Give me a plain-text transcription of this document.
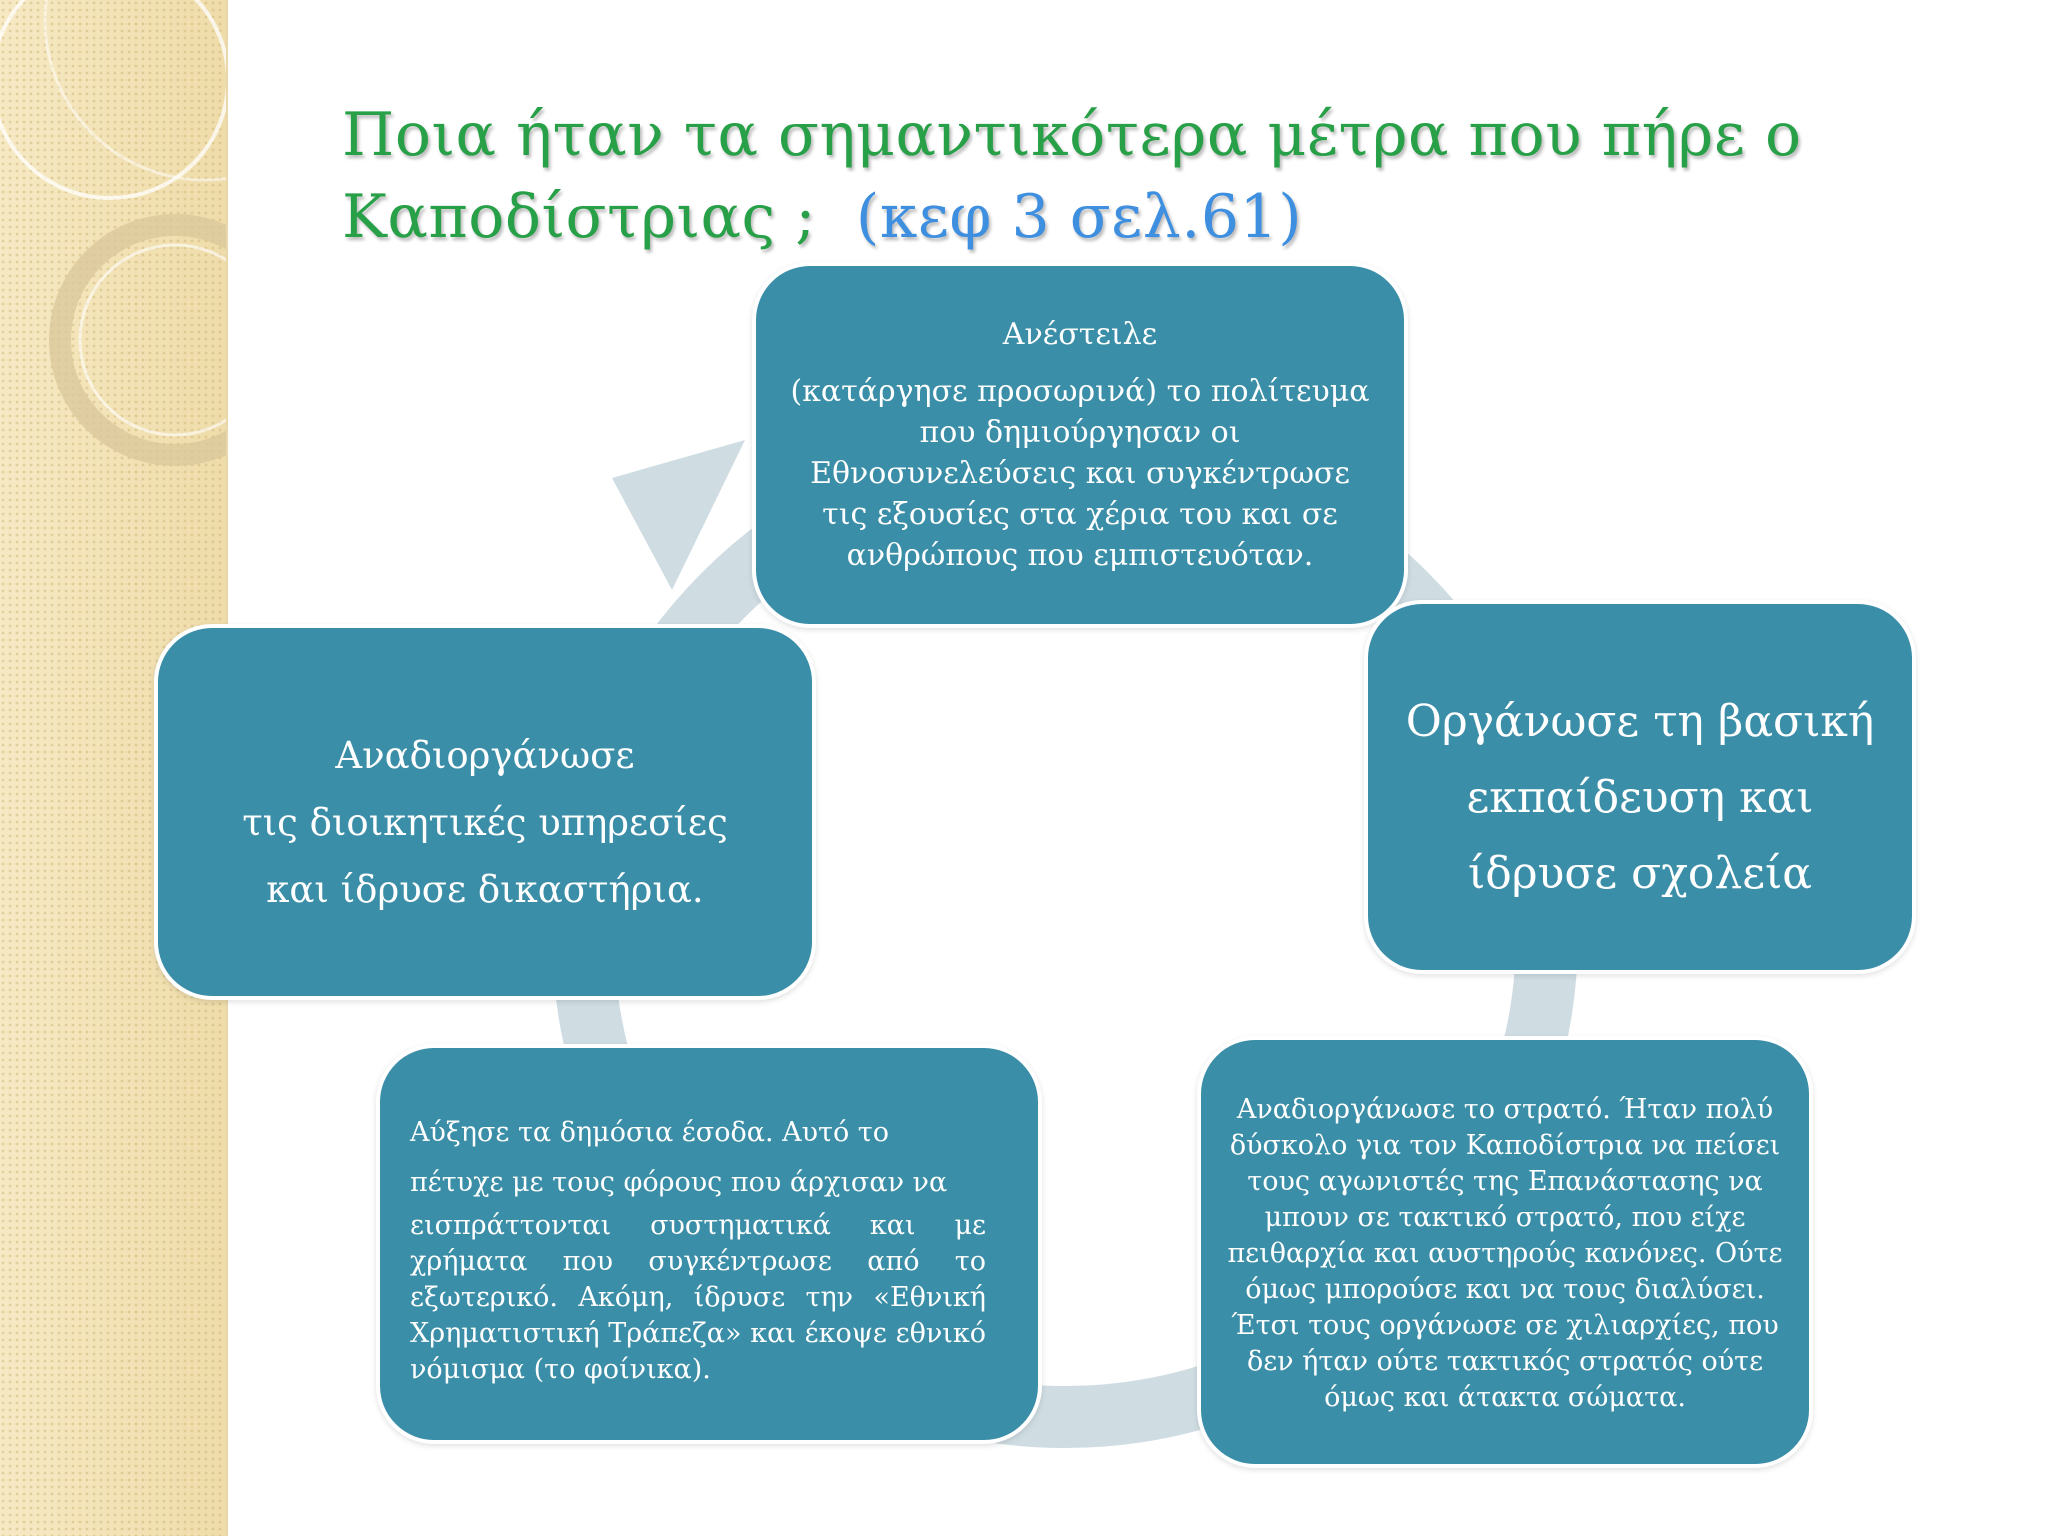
Ποια ήταν τα σημαντικότερα μέτρα που πήρε ο
Καποδίστριας ; (κεφ 3 σελ.61)

Ανέστειλε

(κατάργησε προσωρινά) το πολίτευμα που δημιούργησαν οι Εθνοσυνελεύσεις και συγκέντρωσε τις εξουσίες στα χέρια του και σε ανθρώπους που εμπιστευόταν.

Οργάνωσε τη βασική

εκπαίδευση και

ίδρυσε σχολεία

Αναδιοργάνωσε

τις διοικητικές υπηρεσίες

και ίδρυσε δικαστήρια.

Αύξησε τα δημόσια έσοδα. Αυτό το

πέτυχε με τους φόρους που άρχισαν να

εισπράττονται συστηματικά και με χρήματα που συγκέντρωσε από το εξωτερικό. Ακόμη, ίδρυσε την «Εθνική Χρηματιστική Τράπεζα» και έκοψε εθνικό νόμισμα (το φοίνικα).

Αναδιοργάνωσε το στρατό. Ήταν πολύ δύσκολο για τον Καποδίστρια να πείσει τους αγωνιστές της Επανάστασης να μπουν σε τακτικό στρατό, που είχε πειθαρχία και αυστηρούς κανόνες. Ούτε όμως μπορούσε και να τους διαλύσει. Έτσι τους οργάνωσε σε χιλιαρχίες, που δεν ήταν ούτε τακτικός στρατός ούτε όμως και άτακτα σώματα.
